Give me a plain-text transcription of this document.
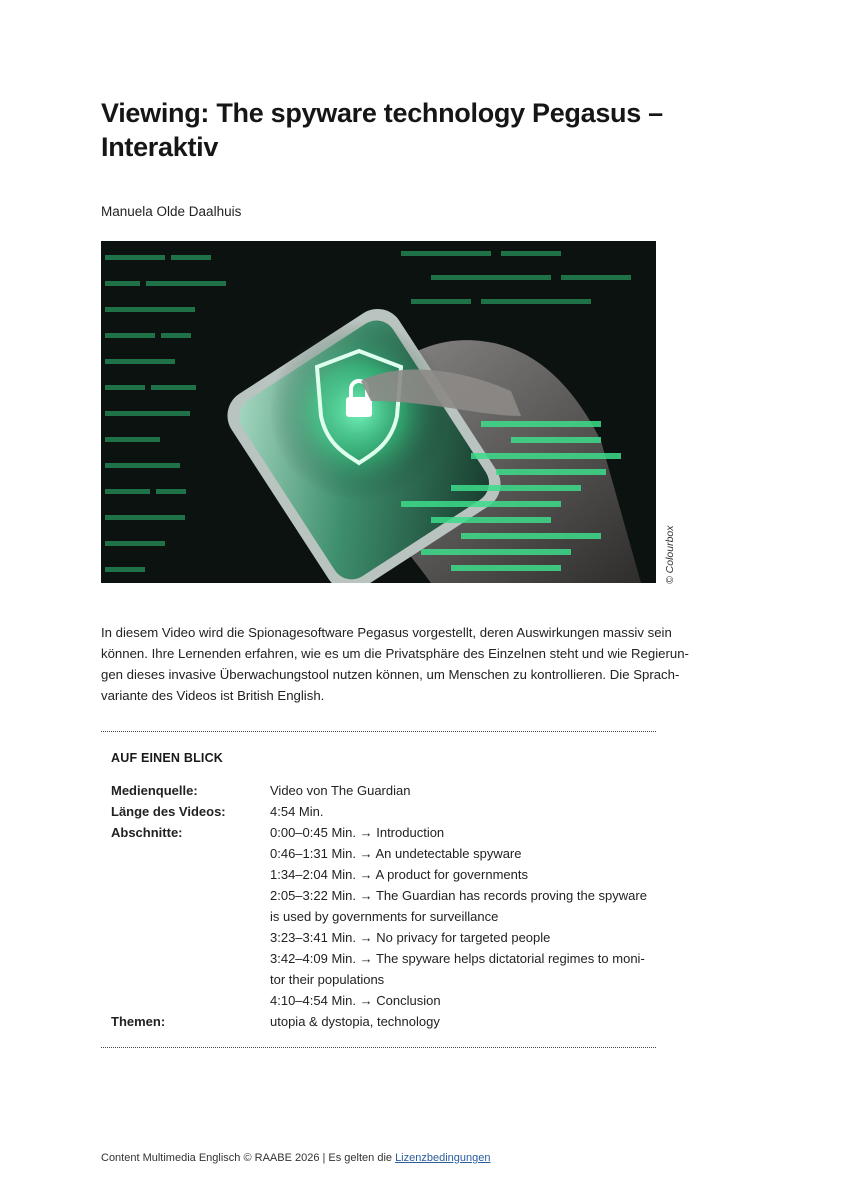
Viewing: The spyware technology Pegasus –
Interaktiv
Manuela Olde Daalhuis
© Colourbox
In diesem Video wird die Spionagesoftware Pegasus vorgestellt, deren Auswirkungen massiv sein
können. Ihre Lernenden erfahren, wie es um die Privatsphäre des Einzelnen steht und wie Regierun-
gen dieses invasive Überwachungstool nutzen können, um Menschen zu kontrollieren. Die Sprach-
variante des Videos ist British English.
AUF EINEN BLICK
Medienquelle:	Video von The Guardian
Länge des Videos:	4:54 Min.
Abschnitte:	0:00–0:45 Min. → Introduction
0:46–1:31 Min. → An undetectable spyware
1:34–2:04 Min. → A product for governments
2:05–3:22 Min. → The Guardian has records proving the spyware
is used by governments for surveillance
3:23–3:41 Min. → No privacy for targeted people
3:42–4:09 Min. → The spyware helps dictatorial regimes to moni-
tor their populations
4:10–4:54 Min. → Conclusion
Themen:	utopia & dystopia, technology
Content Multimedia Englisch © RAABE 2026 | Es gelten die Lizenzbedingungen
